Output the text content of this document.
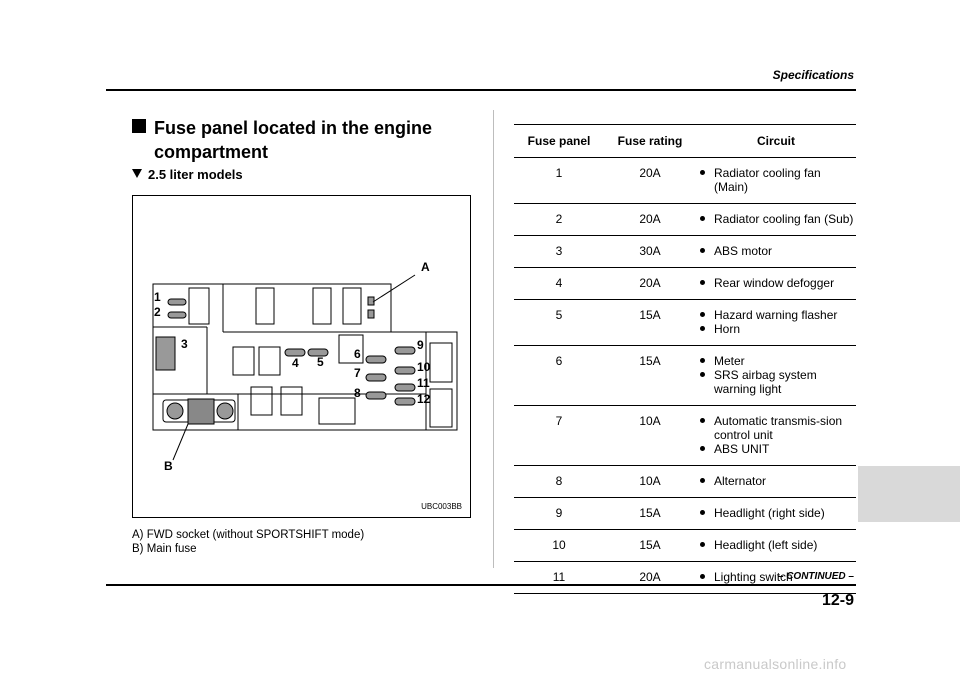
Specifications
Fuse panel located in the engine compartment
2.5 liter models
A
B
1
2
3
4 5
6
7
8
9
10
11
12
UBC003BB
A) FWD socket (without SPORTSHIFT mode)
B) Main fuse
Fuse panel	Fuse rating	Circuit
1	20A	Radiator cooling fan (Main)

2	20A	Radiator cooling fan (Sub)

3	30A	ABS motor

4	20A	Rear window defogger

5	15A	Hazard warning flasher
Horn

6	15A	Meter
SRS airbag system warning light

7	10A	Automatic transmis-sion control unit
ABS UNIT

8	10A	Alternator

9	15A	Headlight (right side)

10	15A	Headlight (left side)

11	20A	Lighting switch
– CONTINUED –
12-9
carmanualsonline.info
